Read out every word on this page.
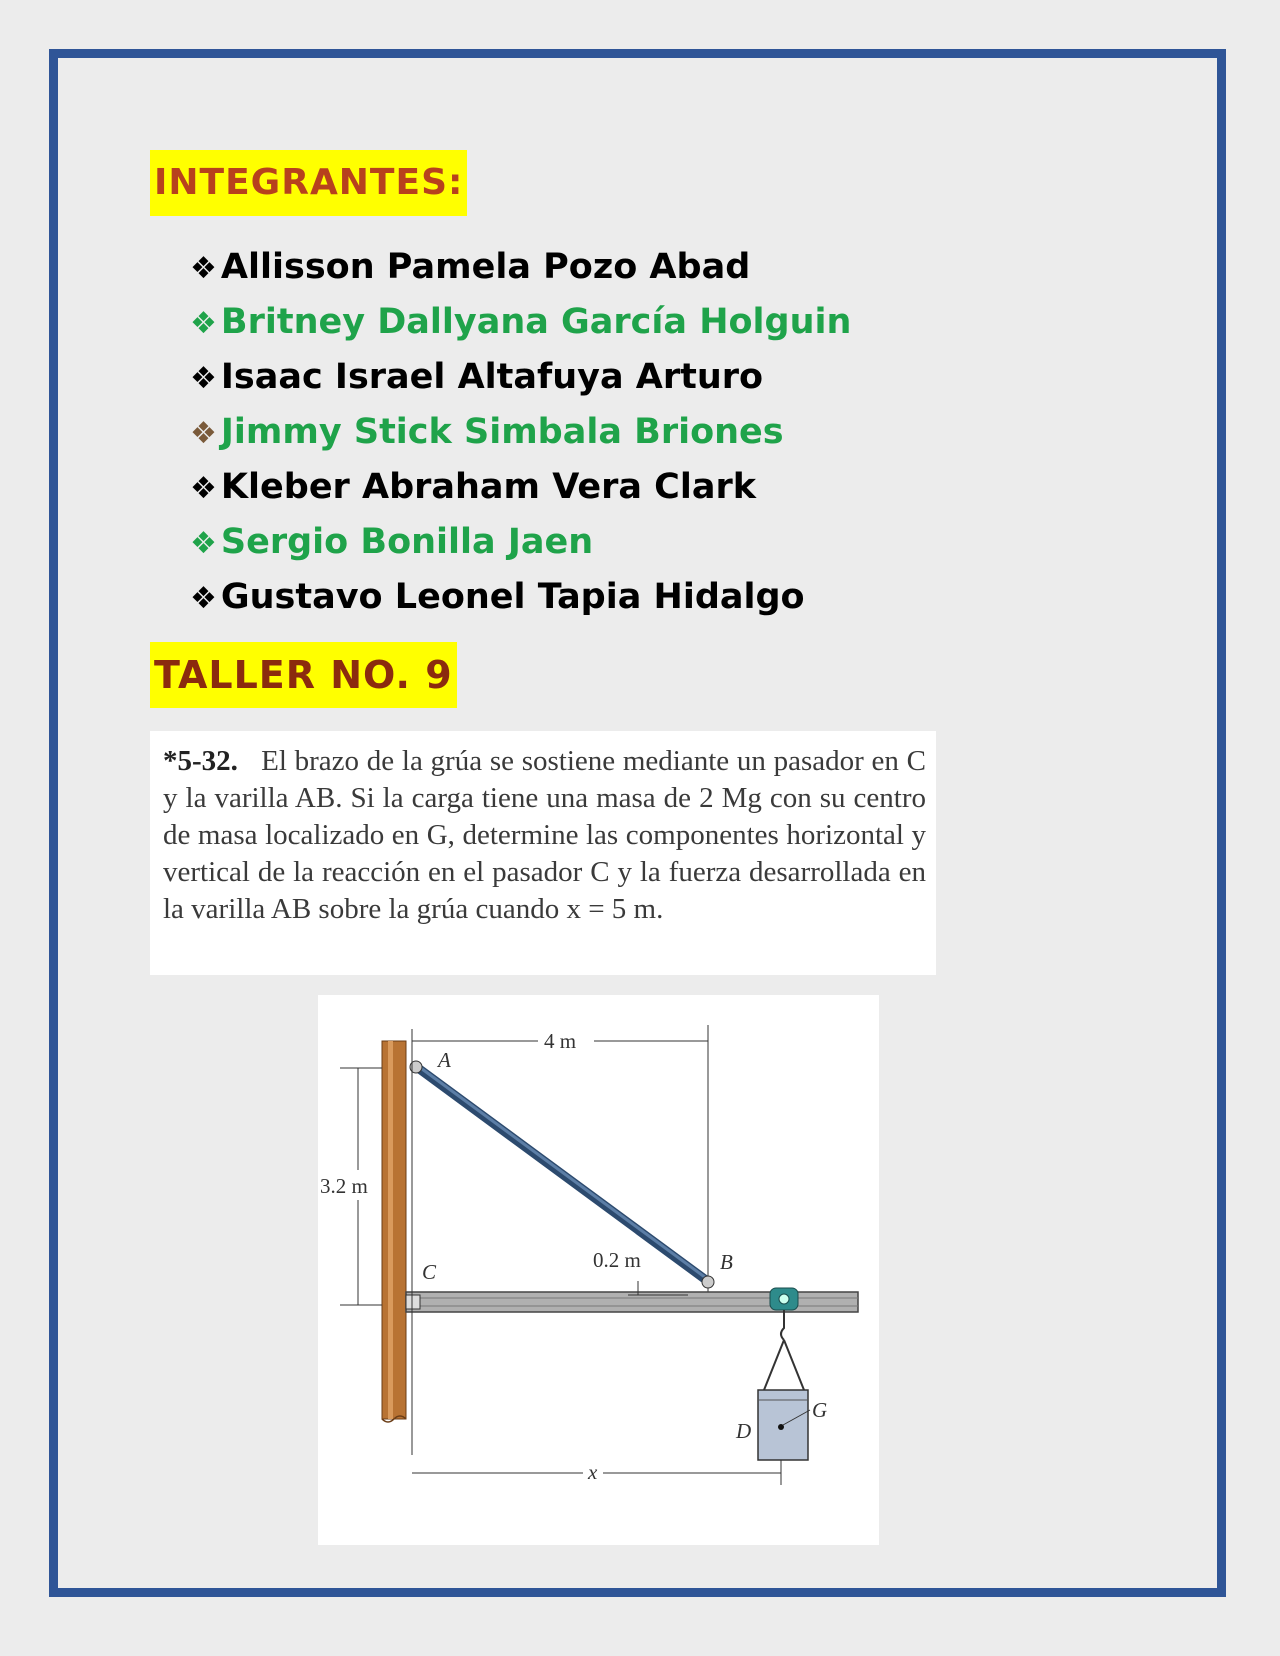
INTEGRANTES:
❖ Allisson Pamela Pozo Abad
❖ Britney Dallyana García Holguin
❖ Isaac Israel Altafuya Arturo
❖ Jimmy Stick Simbala Briones
❖ Kleber Abraham Vera Clark
❖ Sergio Bonilla Jaen
❖ Gustavo Leonel Tapia Hidalgo
TALLER NO. 9
*5-32. El brazo de la grúa se sostiene mediante un pasador en C y la varilla AB. Si la carga tiene una masa de 2 Mg con su centro de masa localizado en G, determine las componentes horizontal y vertical de la reacción en el pasador C y la fuerza desarrollada en la varilla AB sobre la grúa cuando x = 5 m.
4 m
3.2 m
A
B
C	0.2 m
G
D
x
